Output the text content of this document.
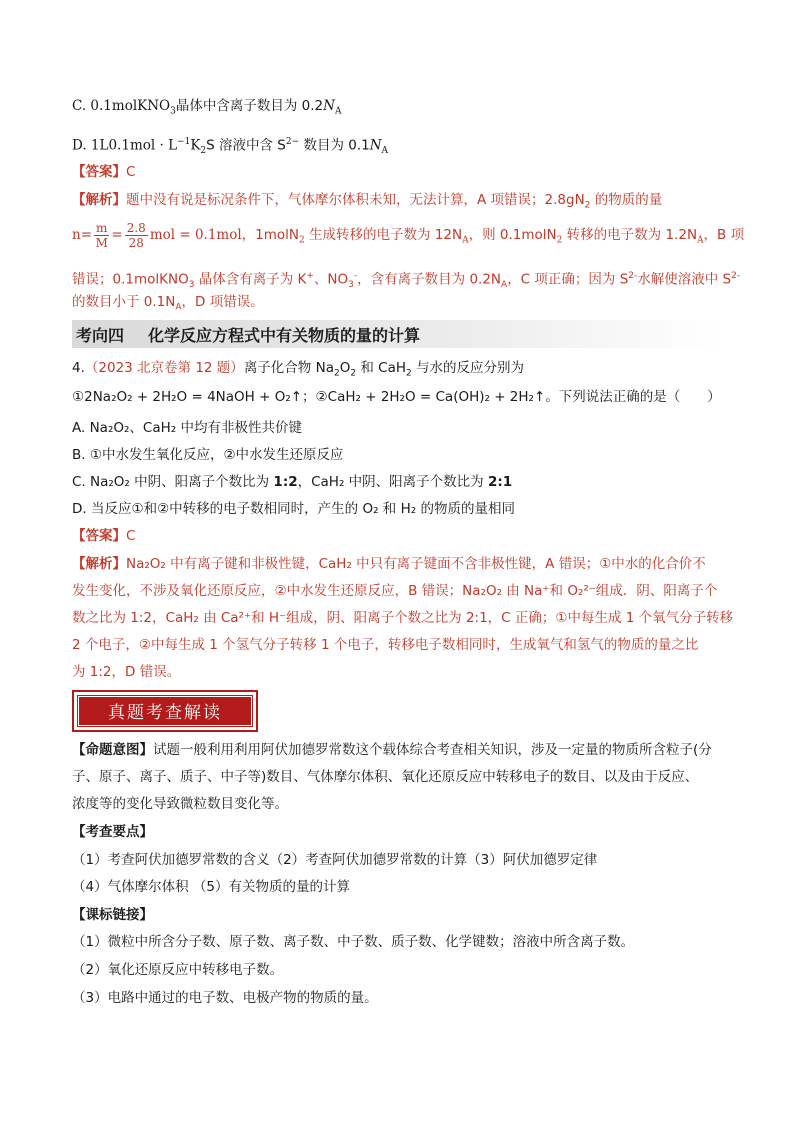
C. 0.1molKNO$_3$晶体中含离子数目为 $0.2N_A$
D. $1L0.1mol \cdot L^{-1}K_2S$ 溶液中含 $S^{2-}$ 数目为 $0.1N_A$
【答案】C
【解析】题中没有说是标况条件下，气体摩尔体积未知，无法计算，A 项错误；$2.8gN_2$ 的物质的量
$n= \frac{m}{M} = \frac{2.8}{28}$ mol = 0.1mol，1molN$_2$ 生成转移的电子数为 $12N_A$，则 0.1molN$_2$ 转移的电子数为 $1.2N_A$，B 项
错误；0.1molKNO$_3$ 晶体含有离子为 K+、$NO_3^-$，含有离子数目为 $0.2N_A$，C 项正确；因为 $S^{2-}$水解使溶液中 $S^{2-}$
的数目小于 $0.1N_A$，D 项错误。
考向四 化学反应方程式中有关物质的量的计算
4.（2023 北京卷第 12 题）离子化合物 $Na_2O_2$ 和 CaH$_2$ 与水的反应分别为
①2Na₂O₂ + 2H₂O = 4NaOH + O₂↑；②CaH₂ + 2H₂O = Ca(OH)₂ + 2H₂↑。下列说法正确的是（　　）
A. Na₂O₂、CaH₂ 中均有非极性共价键
B. ①中水发生氧化反应，②中水发生还原反应
C. Na₂O₂ 中阴、阳离子个数比为 1:2，CaH₂ 中阴、阳离子个数比为 2:1
D. 当反应①和②中转移的电子数相同时，产生的 O₂ 和 H₂ 的物质的量相同
【答案】C
【解析】Na₂O₂ 中有离子键和非极性键，CaH₂ 中只有离子键面不含非极性键，A 错误；①中水的化合价不
发生变化，不涉及氧化还原反应，②中水发生还原反应，B 错误；Na₂O₂ 由 Na⁺和 O₂²⁻组成．阴、阳离子个
数之比为 1:2，CaH₂ 由 Ca²⁺和 H⁻组成，阴、阳离子个数之比为 2:1，C 正确；①中每生成 1 个氧气分子转移
2 个电子，②中每生成 1 个氢气分子转移 1 个电子，转移电子数相同时，生成氧气和氢气的物质的量之比
为 1:2，D 错误。
真题考查解读
【命题意图】试题一般利用利用阿伏加德罗常数这个载体综合考查相关知识，涉及一定量的物质所含粒子(分
子、原子、离子、质子、中子等)数目、气体摩尔体积、氧化还原反应中转移电子的数目、以及由于反应、
浓度等的变化导致微粒数目变化等。
【考查要点】
（1）考查阿伏加德罗常数的含义（2）考查阿伏加德罗常数的计算（3）阿伏加德罗定律
（4）气体摩尔体积 （5）有关物质的量的计算
【课标链接】
（1）微粒中所含分子数、原子数、离子数、中子数、质子数、化学键数；溶液中所含离子数。
（2）氧化还原反应中转移电子数。
（3）电路中通过的电子数、电极产物的物质的量。
